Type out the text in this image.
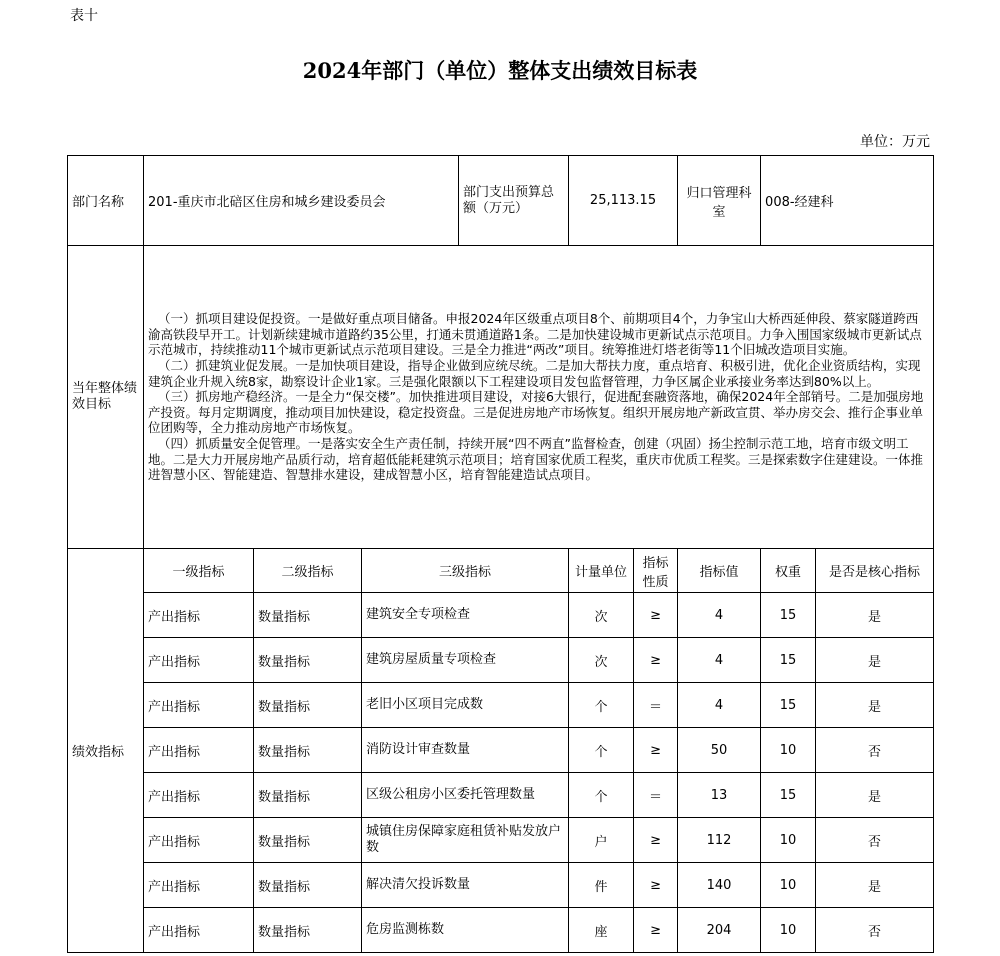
表十
2024年部门（单位）整体支出绩效目标表
单位：万元
部门名称	201-重庆市北碚区住房和城乡建设委员会			部门支出预算总额（万元）	25,113.15		归口管理科室	008-经建科	
当年整体绩效目标	（一）抓项目建设促投资。一是做好重点项目储备。申报2024年区级重点项目8个、前期项目4个，力争宝山大桥西延伸段、蔡家隧道跨西渝高铁段早开工。计划新续建城市道路约35公里，打通未贯通道路1条。二是加快建设城市更新试点示范项目。力争入围国家级城市更新试点示范城市，持续推动11个城市更新试点示范项目建设。三是全力推进“两改”项目。统筹推进灯塔老街等11个旧城改造项目实施。

（二）抓建筑业促发展。一是加快项目建设，指导企业做到应统尽统。二是加大帮扶力度，重点培育、积极引进，优化企业资质结构，实现建筑企业升规入统8家，勘察设计企业1家。三是强化限额以下工程建设项目发包监督管理，力争区属企业承接业务率达到80%以上。

（三）抓房地产稳经济。一是全力“保交楼”。加快推进项目建设，对接6大银行，促进配套融资落地，确保2024年全部销号。二是加强房地产投资。每月定期调度，推动项目加快建设，稳定投资盘。三是促进房地产市场恢复。组织开展房地产新政宣贯、举办房交会、推行企事业单位团购等，全力推动房地产市场恢复。

（四）抓质量安全促管理。一是落实安全生产责任制，持续开展“四不两直”监督检查，创建（巩固）扬尘控制示范工地，培育市级文明工地。二是大力开展房地产品质行动，培育超低能耗建筑示范项目；培育国家优质工程奖，重庆市优质工程奖。三是探索数字住建建设。一体推进智慧小区、智能建造、智慧排水建设，建成智慧小区，培育智能建造试点项目。								

绩效指标	一级指标	二级指标	三级指标		计量单位	指标性质	指标值	权重	是否是核心指标
	产出指标	数量指标	建筑安全专项检查		次	≥	4	15	是
	产出指标	数量指标	建筑房屋质量专项检查		次	≥	4	15	是
	产出指标	数量指标	老旧小区项目完成数		个	＝	4	15	是
	产出指标	数量指标	消防设计审查数量		个	≥	50	10	否
	产出指标	数量指标	区级公租房小区委托管理数量		个	＝	13	15	是
	产出指标	数量指标	城镇住房保障家庭租赁补贴发放户数		户	≥	112	10	否
	产出指标	数量指标	解决清欠投诉数量		件	≥	140	10	是
	产出指标	数量指标	危房监测栋数		座	≥	204	10	否
